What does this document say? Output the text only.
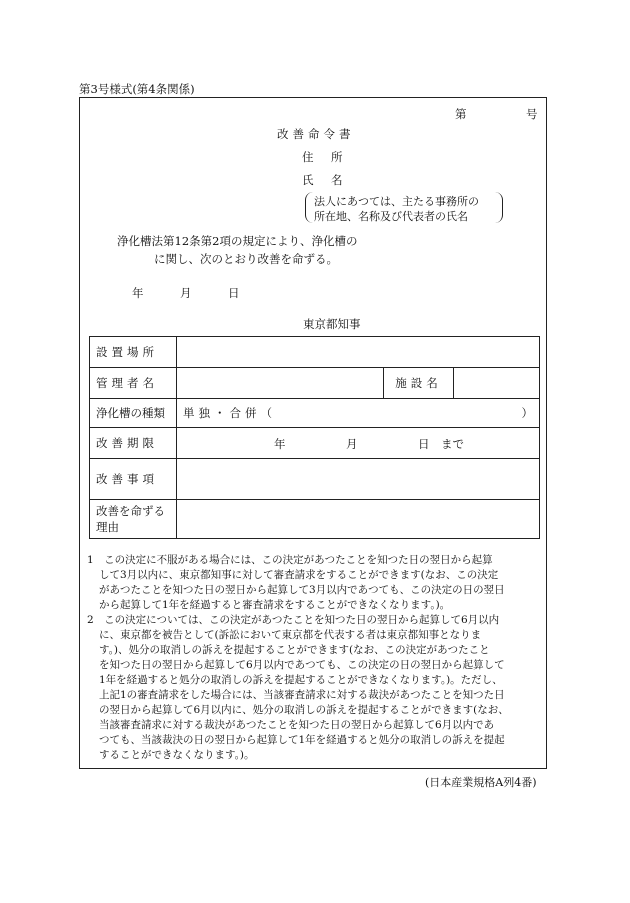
第3号様式(第4条関係)
第	号
改善命令書
住 所
氏 名
法人にあつては、主たる事務所の
所在地、名称及び代表者の氏名
浄化槽法第12条第2項の規定により、浄化槽の
に関し、次のとおり改善を命ずる。
年	月	日
東京都知事
設置場所			
管理者名		施設名	
浄化槽の種類	単独・合併（ ）		

改善期限	年 月 日　まで		

改善事項			
改善を命ずる
理由			
1　この決定に不服がある場合には、この決定があつたことを知つた日の翌日から起算
して3月以内に、東京都知事に対して審査請求をすることができます(なお、この決定
があつたことを知つた日の翌日から起算して3月以内であつても、この決定の日の翌日
から起算して1年を経過すると審査請求をすることができなくなります。)。
2　この決定については、この決定があつたことを知つた日の翌日から起算して6月以内
に、東京都を被告として(訴訟において東京都を代表する者は東京都知事となりま
す。)、処分の取消しの訴えを提起することができます(なお、この決定があつたこと
を知つた日の翌日から起算して6月以内であつても、この決定の日の翌日から起算して
1年を経過すると処分の取消しの訴えを提起することができなくなります。)。ただし、
上記1の審査請求をした場合には、当該審査請求に対する裁決があつたことを知つた日
の翌日から起算して6月以内に、処分の取消しの訴えを提起することができます(なお、
当該審査請求に対する裁決があつたことを知つた日の翌日から起算して6月以内であ
つても、当該裁決の日の翌日から起算して1年を経過すると処分の取消しの訴えを提起
することができなくなります。)。
(日本産業規格A列4番)
